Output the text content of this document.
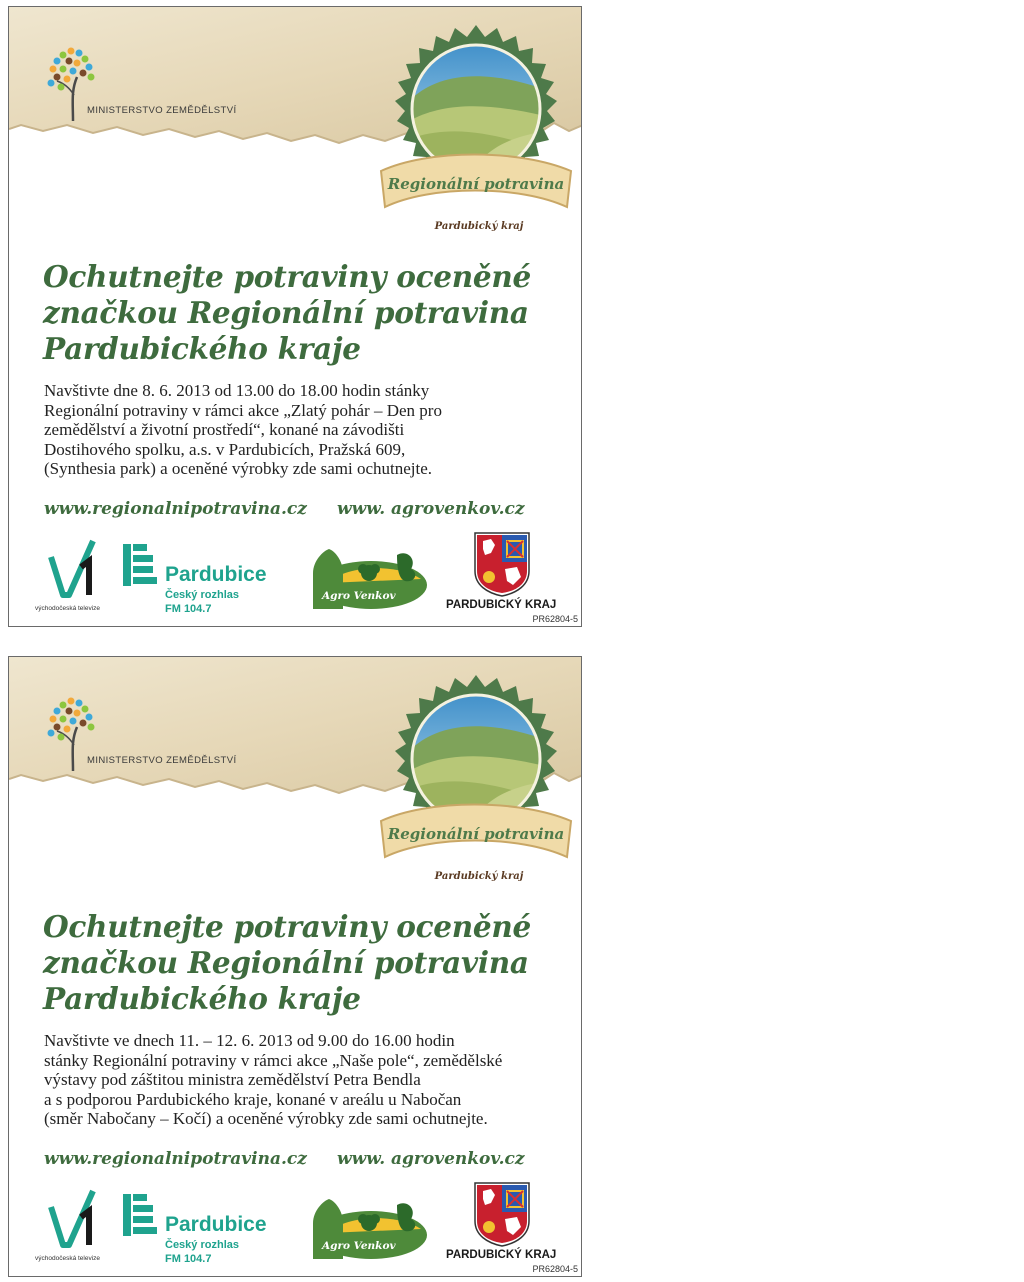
MINISTERSTVO ZEMĚDĚLSTVÍ
Regionální potravina
Pardubický kraj
Ochutnejte potraviny oceněné
značkou Regionální potravina
Pardubického kraje

Navštivte dne 8. 6. 2013 od 13.00 do 18.00 hodin stánky
Regionální potraviny v rámci akce „Zlatý pohár – Den pro
zemědělství a životní prostředí“, konané na závodišti
Dostihového spolku, a.s. v Pardubicích, Pražská 609,
(Synthesia park) a oceněné výrobky zde sami ochutnejte.

www.regionalnipotravina.cz www. agrovenkov.cz
východočeská televize
Pardubice
Český rozhlas
FM 104.7
Agro Venkov
PARDUBICKÝ KRAJ
PR62804-5
MINISTERSTVO ZEMĚDĚLSTVÍ
Regionální potravina
Pardubický kraj
Ochutnejte potraviny oceněné
značkou Regionální potravina
Pardubického kraje

Navštivte ve dnech 11. – 12. 6. 2013 od 9.00 do 16.00 hodin
stánky Regionální potraviny v rámci akce „Naše pole“, zemědělské
výstavy pod záštitou ministra zemědělství Petra Bendla
a s podporou Pardubického kraje, konané v areálu u Nabočan
(směr Nabočany – Kočí) a oceněné výrobky zde sami ochutnejte.

www.regionalnipotravina.cz www. agrovenkov.cz
východočeská televize
Pardubice
Český rozhlas
FM 104.7
Agro Venkov
PARDUBICKÝ KRAJ
PR62804-5
